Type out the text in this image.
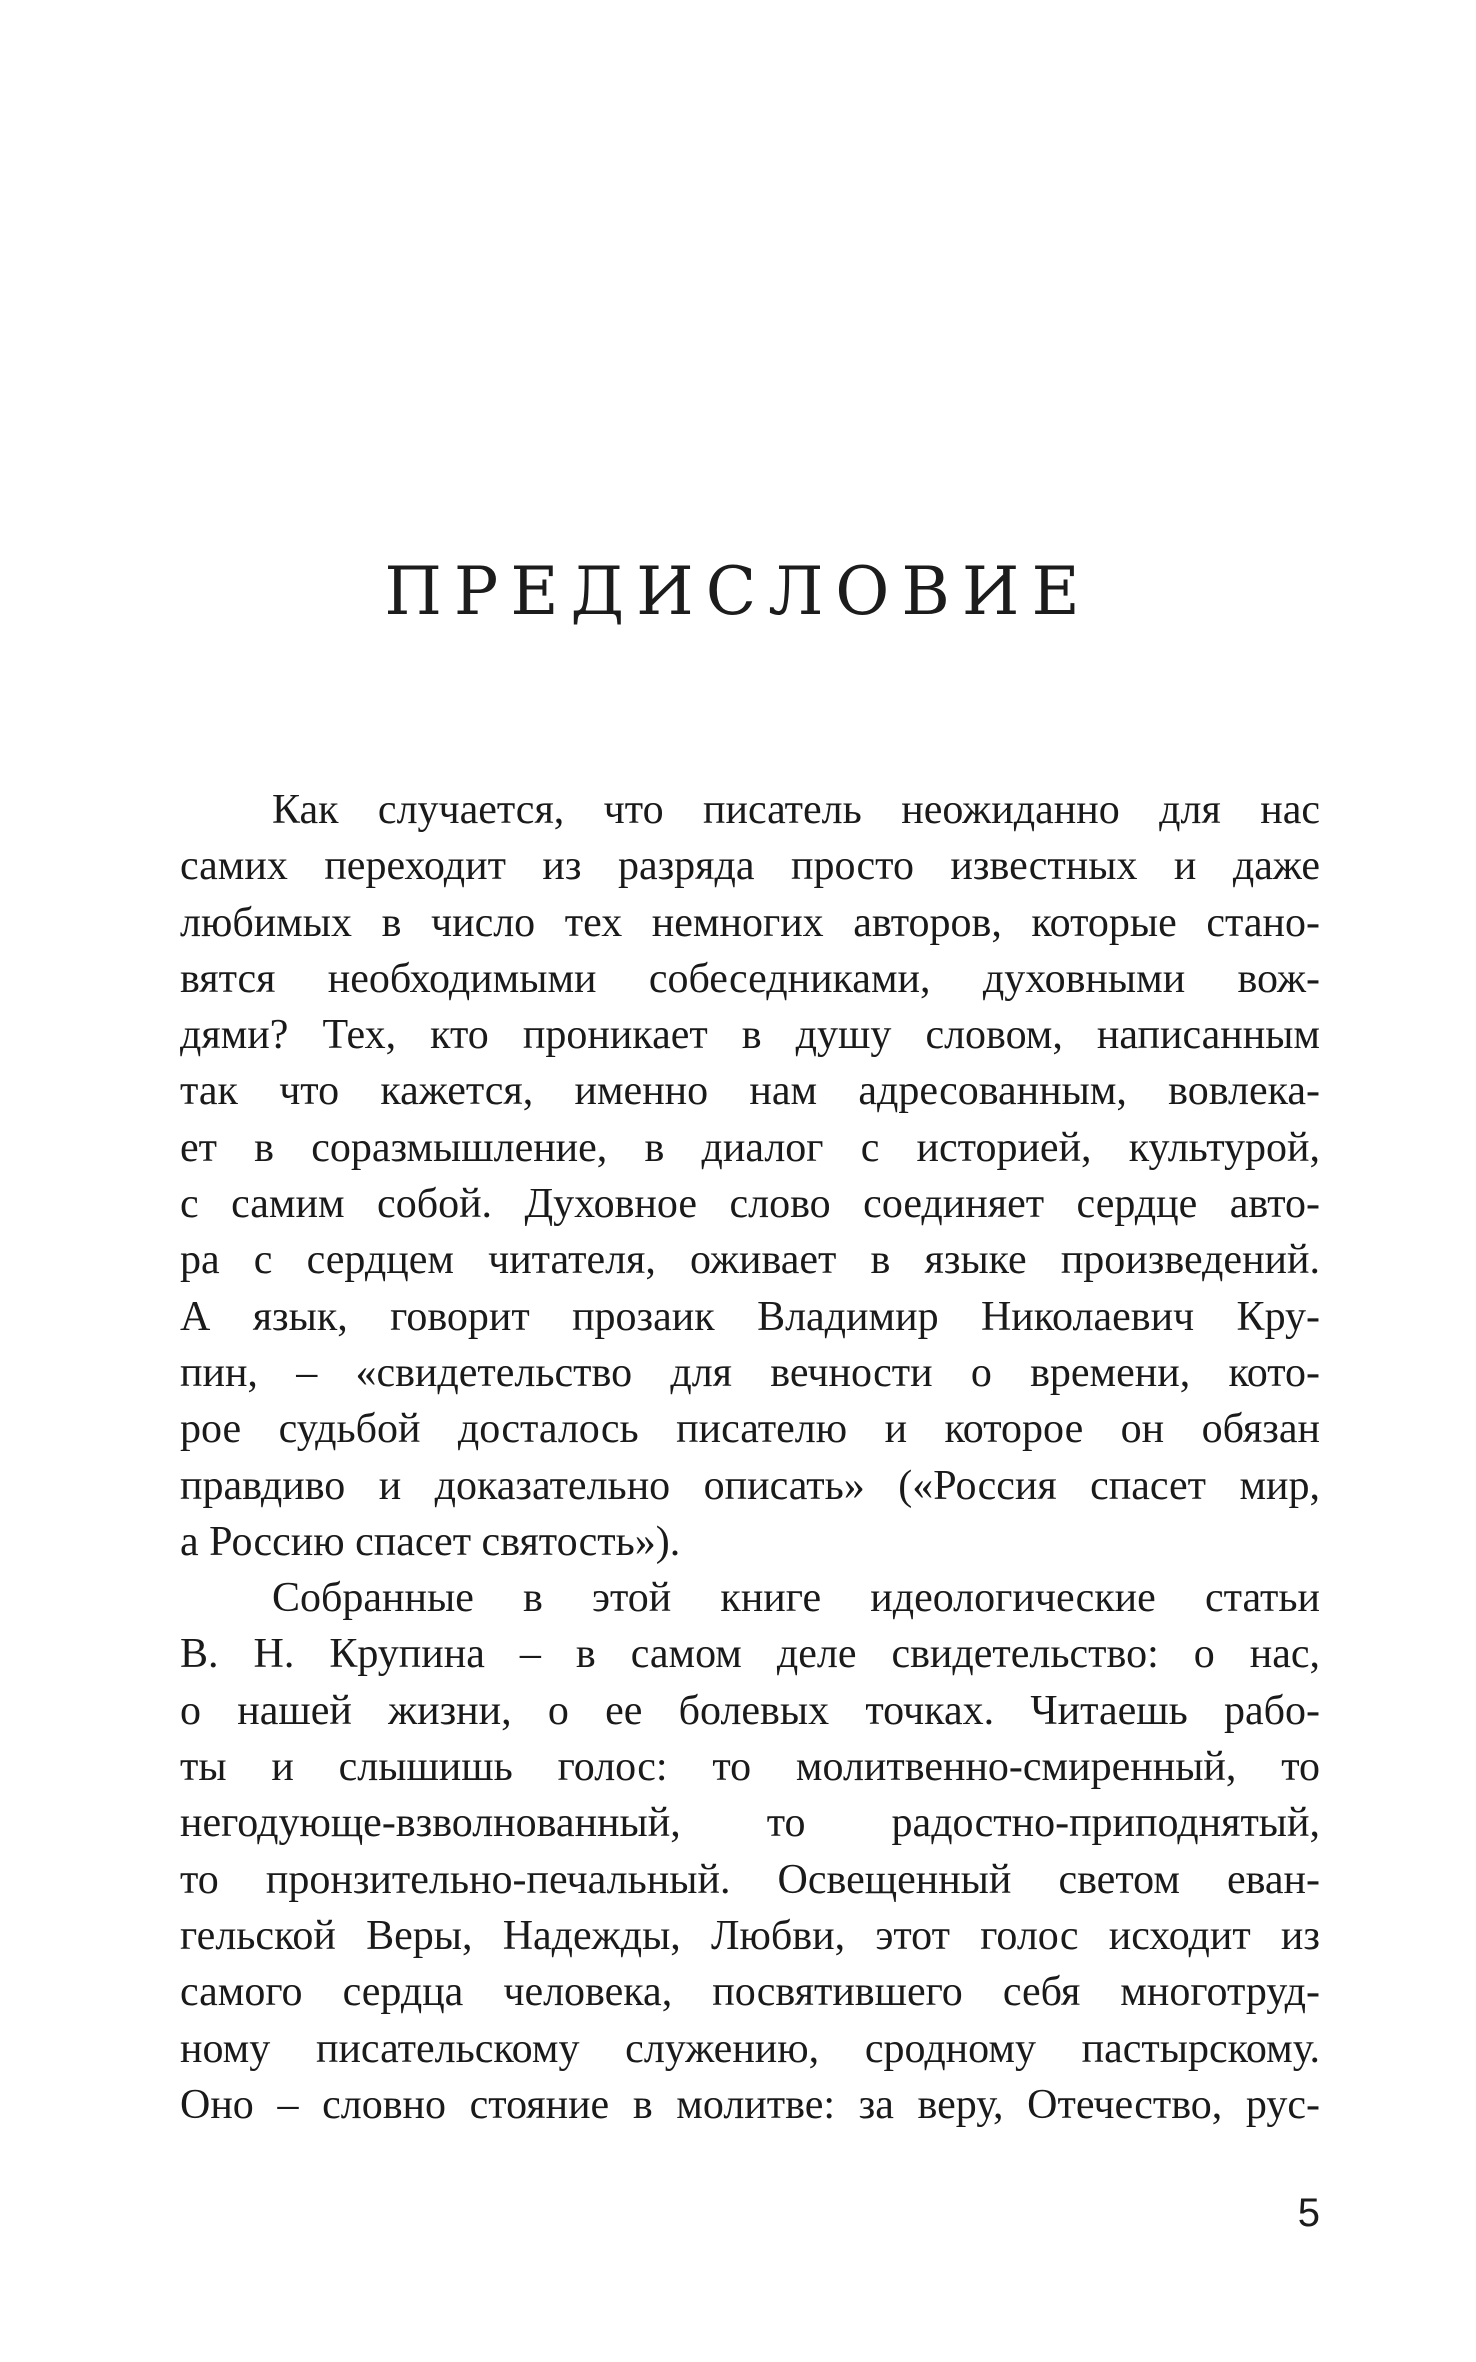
ПРЕДИСЛОВИЕ
Как случается, что писатель неожиданно для нас
самих переходит из разряда просто известных и даже
любимых в число тех немногих авторов, которые стано-
вятся необходимыми собеседниками, духовными вож-
дями? Тех, кто проникает в душу словом, написанным
так что кажется, именно нам адресованным, вовлека-
ет в соразмышление, в диалог с историей, культурой,
с самим собой. Духовное слово соединяет сердце авто-
ра с сердцем читателя, оживает в языке произведений.
А язык, говорит прозаик Владимир Николаевич Кру-
пин, – «свидетельство для вечности о времени, кото-
рое судьбой досталось писателю и которое он обязан
правдиво и доказательно описать» («Россия спасет мир,
а Россию спасет святость»).
Собранные в этой книге идеологические статьи
В. Н. Крупина – в самом деле свидетельство: о нас,
о нашей жизни, о ее болевых точках. Читаешь рабо-
ты и слышишь голос: то молитвенно-смиренный, то
негодующе-взволнованный, то радостно-приподнятый,
то пронзительно-печальный. Освещенный светом еван-
гельской Веры, Надежды, Любви, этот голос исходит из
самого сердца человека, посвятившего себя многотруд-
ному писательскому служению, сродному пастырскому.
Оно – словно стояние в молитве: за веру, Отечество, рус-
5
